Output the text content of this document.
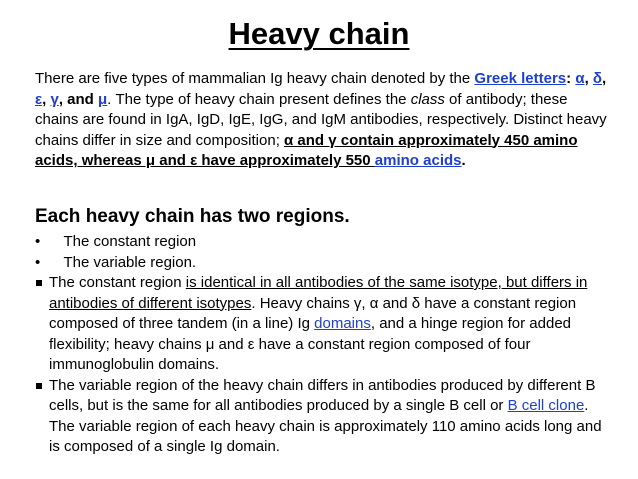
Heavy chain
There are five types of mammalian Ig heavy chain denoted by the Greek letters: α, δ, ε, γ, and μ. The type of heavy chain present defines the class of antibody; these chains are found in IgA, IgD, IgE, IgG, and IgM antibodies, respectively. Distinct heavy chains differ in size and composition; α and γ contain approximately 450 amino acids, whereas μ and ε have approximately 550 amino acids.
Each heavy chain has two regions.
• The constant region
• The variable region.
The constant region is identical in all antibodies of the same isotype, but differs in antibodies of different isotypes. Heavy chains γ, α and δ have a constant region composed of three tandem (in a line) Ig domains, and a hinge region for added flexibility; heavy chains μ and ε have a constant region composed of four immunoglobulin domains.
The variable region of the heavy chain differs in antibodies produced by different B cells, but is the same for all antibodies produced by a single B cell or B cell clone. The variable region of each heavy chain is approximately 110 amino acids long and is composed of a single Ig domain.
